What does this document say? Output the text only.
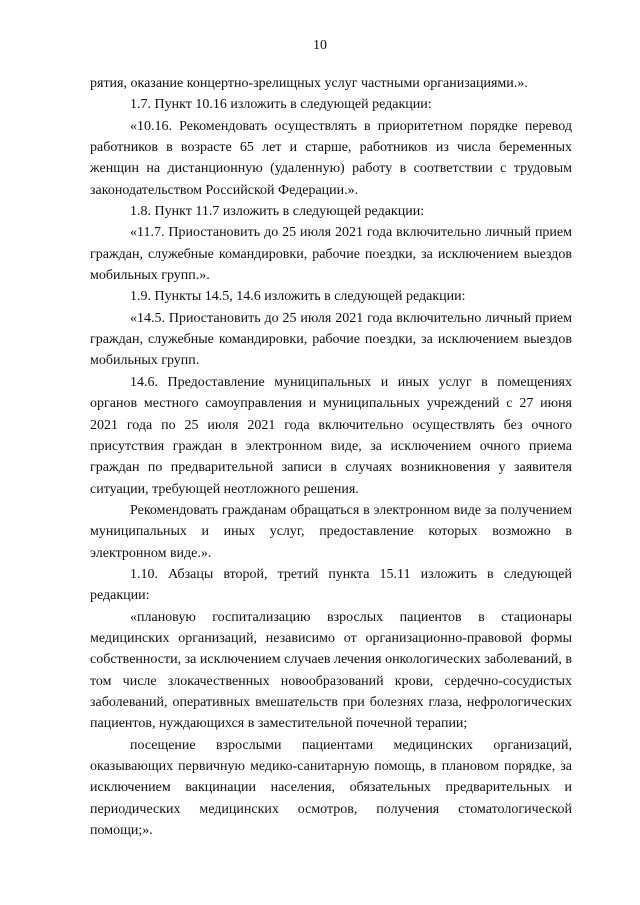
10

рятия, оказание концертно-зрелищных услуг частными организациями.».

1.7. Пункт 10.16 изложить в следующей редакции:

«10.16. Рекомендовать осуществлять в приоритетном порядке перевод работников в возрасте 65 лет и старше, работников из числа беременных женщин на дистанционную (удаленную) работу в соответствии с трудовым законодательством Российской Федерации.».

1.8. Пункт 11.7 изложить в следующей редакции:

«11.7. Приостановить до 25 июля 2021 года включительно личный прием граждан, служебные командировки, рабочие поездки, за исключением выездов мобильных групп.».

1.9. Пункты 14.5, 14.6 изложить в следующей редакции:

«14.5. Приостановить до 25 июля 2021 года включительно личный прием граждан, служебные командировки, рабочие поездки, за исключением выездов мобильных групп.

14.6. Предоставление муниципальных и иных услуг в помещениях органов местного самоуправления и муниципальных учреждений с 27 июня 2021 года по 25 июля 2021 года включительно осуществлять без очного присутствия граждан в электронном виде, за исключением очного приема граждан по предварительной записи в случаях возникновения у заявителя ситуации, требующей неотложного решения.

Рекомендовать гражданам обращаться в электронном виде за получением муниципальных и иных услуг, предоставление которых возможно в электронном виде.».

1.10. Абзацы второй, третий пункта 15.11 изложить в следующей редакции:

«плановую госпитализацию взрослых пациентов в стационары медицинских организаций, независимо от организационно-правовой формы собственности, за исключением случаев лечения онкологических заболеваний, в том числе злокачественных новообразований крови, сердечно-сосудистых заболеваний, оперативных вмешательств при болезнях глаза, нефрологических пациентов, нуждающихся в заместительной почечной терапии;

посещение взрослыми пациентами медицинских организаций, оказывающих первичную медико-санитарную помощь, в плановом порядке, за исключением вакцинации населения, обязательных предварительных и периодических медицинских осмотров, получения стоматологической помощи;».
